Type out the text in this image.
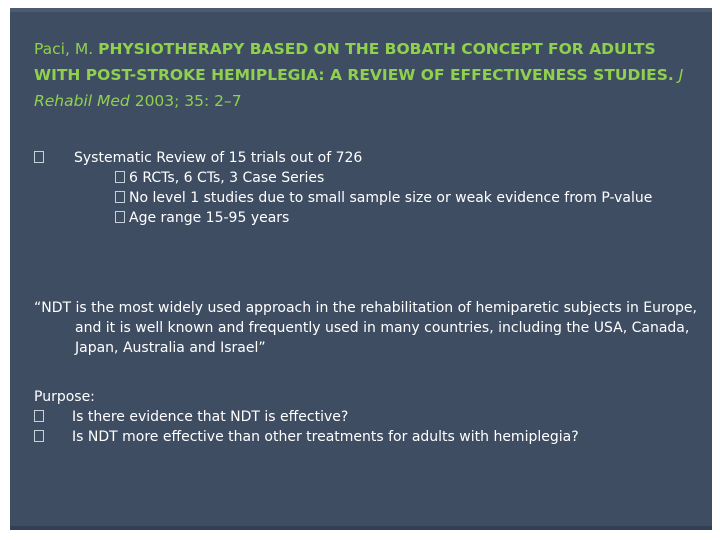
Paci, M. PHYSIOTHERAPY BASED ON THE BOBATH CONCEPT FOR ADULTS WITH POST-STROKE HEMIPLEGIA: A REVIEW OF EFFECTIVENESS STUDIES. J Rehabil Med 2003; 35: 2–7
Systematic Review of 15 trials out of 726
6 RCTs, 6 CTs, 3 Case Series
No level 1 studies due to small sample size or weak evidence from P-value
Age range 15-95 years
“NDT is the most widely used approach in the rehabilitation of hemiparetic subjects in Europe, and it is well known and frequently used in many countries, including the USA, Canada, Japan, Australia and Israel”
Purpose:
Is there evidence that NDT is effective?
Is NDT more effective than other treatments for adults with hemiplegia?
